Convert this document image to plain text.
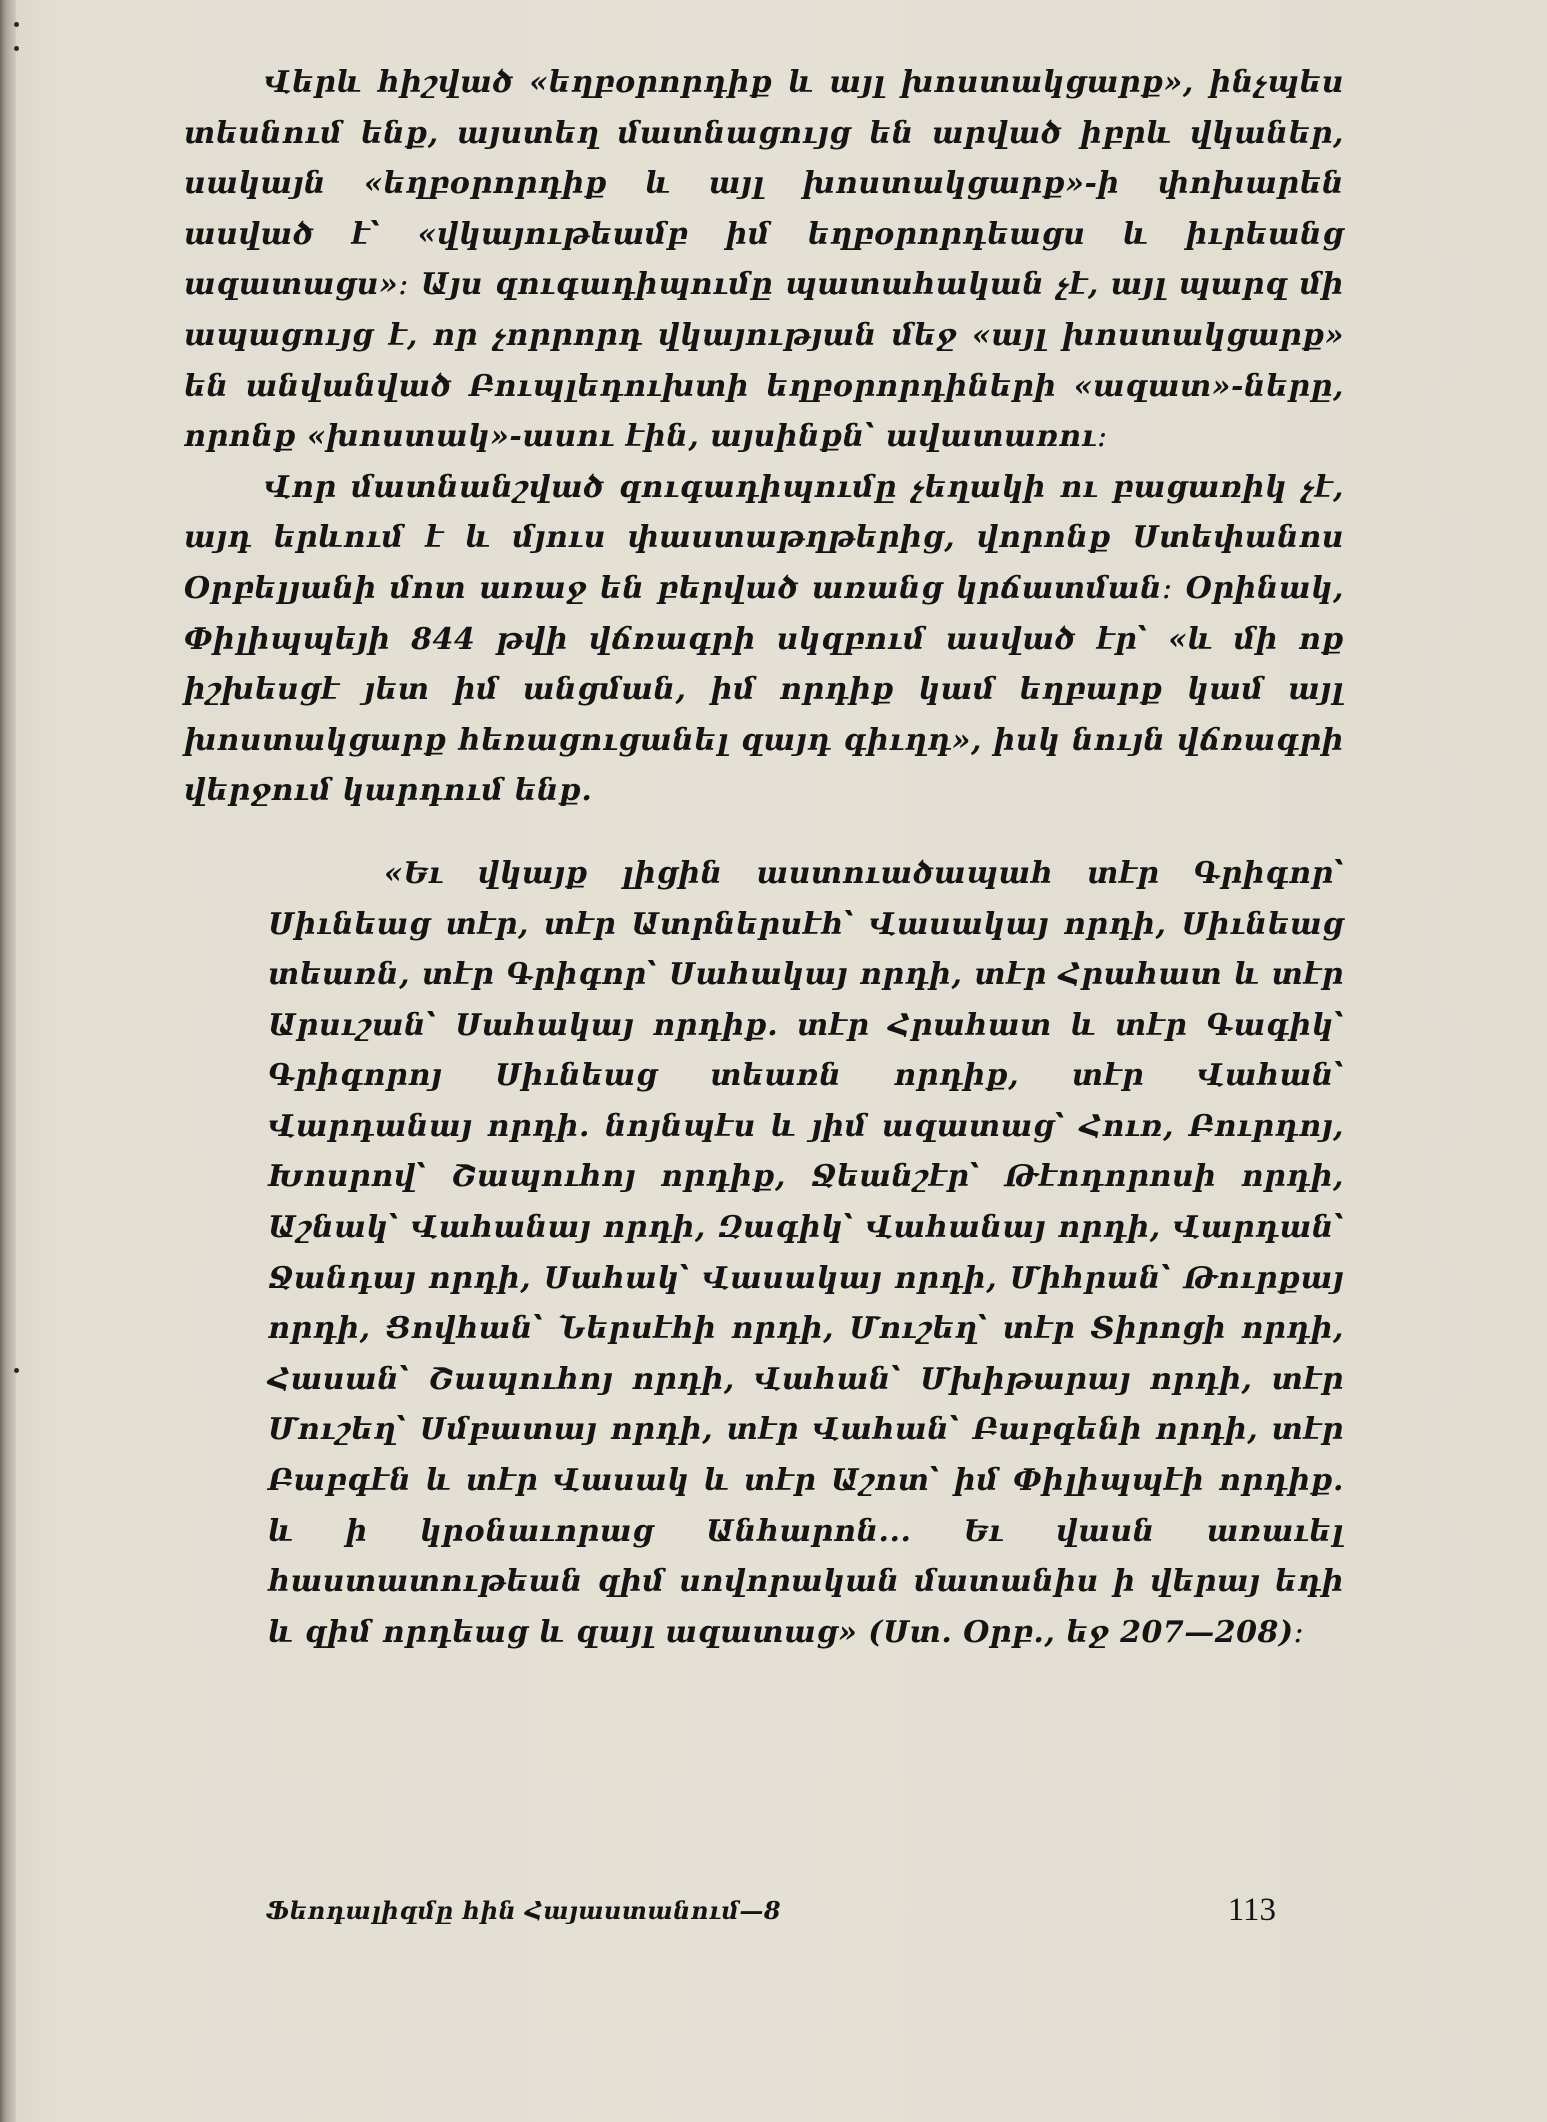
Վերև հիշված «եղբօրորդիք և այլ խոստակցարք», ինչպես տեսնում ենք, այստեղ մատնացույց են արված իբրև վկաներ, սակայն «եղբօրորդիք և այլ խոստակցարք»-ի փոխարեն ասված է՝ «վկայութեամբ իմ եղբօրորդեացս և իւրեանց ազատացս»։ Այս զուգադիպումը պատահական չէ, այլ պարզ մի ապացույց է, որ չորրորդ վկայության մեջ «այլ խոստակցարք» են անվանված Բուպլեդուխտի եղբօրորդիների «ազատ»-ները, որոնք «խոստակ»-ասու էին, այսինքն՝ ավատառու։

Վոր մատնանշված զուգադիպումը չեղակի ու բացառիկ չէ, այդ երևում է և մյուս փաստաթղթերից, վորոնք Ստեփանոս Օրբելյանի մոտ առաջ են բերված առանց կրճատման։ Օրինակ, Փիլիպպեյի 844 թվի վճռագրի սկզբում ասված էր՝ «և մի ոք իշխեսցէ յետ իմ անցման, իմ որդիք կամ եղբարք կամ այլ խոստակցարք հեռացուցանել զայդ գիւղդ», իսկ նույն վճռագրի վերջում կարդում ենք.

«Եւ վկայք լիցին աստուածապահ տէր Գրիգոր՝ Սիւնեաց տէր, տէր Ատրներսէհ՝ Վասակայ որդի, Սիւնեաց տեառն, տէր Գրիգոր՝ Սահակայ որդի, տէր Հրահատ և տէր Արսւշան՝ Սահակայ որդիք. տէր Հրահատ և տէր Գագիկ՝ Գրիգորոյ Սիւնեաց տեառն որդիք, տէր Վահան՝ Վարդանայ որդի. նոյնպէս և յիմ ազատաց՝ Հուռ, Բուրդոյ, Խոսրով՝ Շապուհոյ որդիք, Ջեանշէր՝ Թէոդորոսի որդի, Աշնակ՝ Վահանայ որդի, Զագիկ՝ Վահանայ որդի, Վարդան՝ Ջանդայ որդի, Սահակ՝ Վասակայ որդի, Միհրան՝ Թուրքայ որդի, Ցովհան՝ Ներսէհի որդի, Մուշեղ՝ տէր Տիրոցի որդի, Հասան՝ Շապուհոյ որդի, Վահան՝ Մխիթարայ որդի, տէր Մուշեղ՝ Սմբատայ որդի, տէր Վահան՝ Բաբգենի որդի, տէր Բաբգէն և տէր Վասակ և տէր Աշոտ՝ իմ Փիլիպպէի որդիք. և ի կրօնաւորաց Անհարոն... Եւ վասն առաւել հաստատութեան զիմ սովորական մատանիս ի վերայ եդի և զիմ որդեաց և զայլ ազատաց» (Ստ. Օրբ., եջ 207—208)։

Ֆեոդալիզմը հին Հայաստանում—8	113
